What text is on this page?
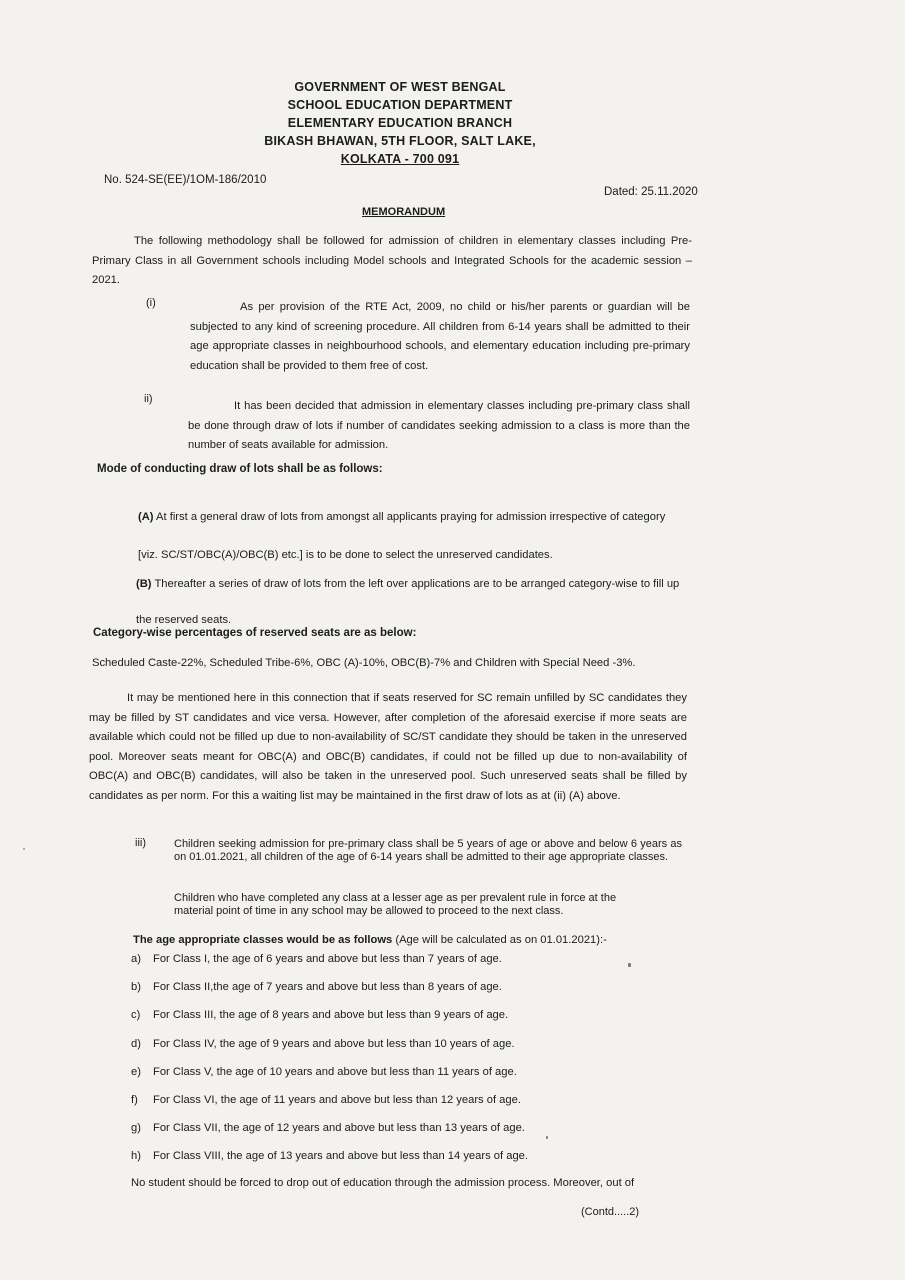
GOVERNMENT OF WEST BENGAL
SCHOOL EDUCATION DEPARTMENT
ELEMENTARY EDUCATION BRANCH
BIKASH BHAWAN, 5TH FLOOR, SALT LAKE,
KOLKATA - 700 091
No. 524-SE(EE)/1OM-186/2010
Dated: 25.11.2020
MEMORANDUM

The following methodology shall be followed for admission of children in elementary classes including Pre-Primary Class in all Government schools including Model schools and Integrated Schools for the academic session – 2021.

(i)	As per provision of the RTE Act, 2009, no child or his/her parents or guardian will be subjected to any kind of screening procedure. All children from 6-14 years shall be admitted to their age appropriate classes in neighbourhood schools, and elementary education including pre-primary education shall be provided to them free of cost.

ii)

It has been decided that admission in elementary classes including pre-primary class shall be done through draw of lots if number of candidates seeking admission to a class is more than the number of seats available for admission.

Mode of conducting draw of lots shall be as follows:

(A) At first a general draw of lots from amongst all applicants praying for admission irrespective of category [viz. SC/ST/OBC(A)/OBC(B) etc.] is to be done to select the unreserved candidates.

(B) Thereafter a series of draw of lots from the left over applications are to be arranged category-wise to fill up the reserved seats.

Category-wise percentages of reserved seats are as below:
Scheduled Caste-22%, Scheduled Tribe-6%, OBC (A)-10%, OBC(B)-7% and Children with Special Need -3%.

It may be mentioned here in this connection that if seats reserved for SC remain unfilled by SC candidates they may be filled by ST candidates and vice versa. However, after completion of the aforesaid exercise if more seats are available which could not be filled up due to non-availability of SC/ST candidate they should be taken in the unreserved pool. Moreover seats meant for OBC(A) and OBC(B) candidates, if could not be filled up due to non-availability of OBC(A) and OBC(B) candidates, will also be taken in the unreserved pool. Such unreserved seats shall be filled by candidates as per norm. For this a waiting list may be maintained in the first draw of lots as at (ii) (A) above.

iii)	Children seeking admission for pre-primary class shall be 5 years of age or above and below 6 years as on 01.01.2021, all children of the age of 6-14 years shall be admitted to their age appropriate classes.

Children who have completed any class at a lesser age as per prevalent rule in force at the material point of time in any school may be allowed to proceed to the next class.

The age appropriate classes would be as follows (Age will be calculated as on 01.01.2021):-
a)	For Class I, the age of 6 years and above but less than 7 years of age.
b)	For Class II,the age of 7 years and above but less than 8 years of age.
c)	For Class III, the age of 8 years and above but less than 9 years of age.
d)	For Class IV, the age of 9 years and above but less than 10 years of age.
e)	For Class V, the age of 10 years and above but less than 11 years of age.
f)	For Class VI, the age of 11 years and above but less than 12 years of age.
g)	For Class VII, the age of 12 years and above but less than 13 years of age.
h)	For Class VIII, the age of 13 years and above but less than 14 years of age.
No student should be forced to drop out of education through the admission process. Moreover, out of
(Contd.....2)
